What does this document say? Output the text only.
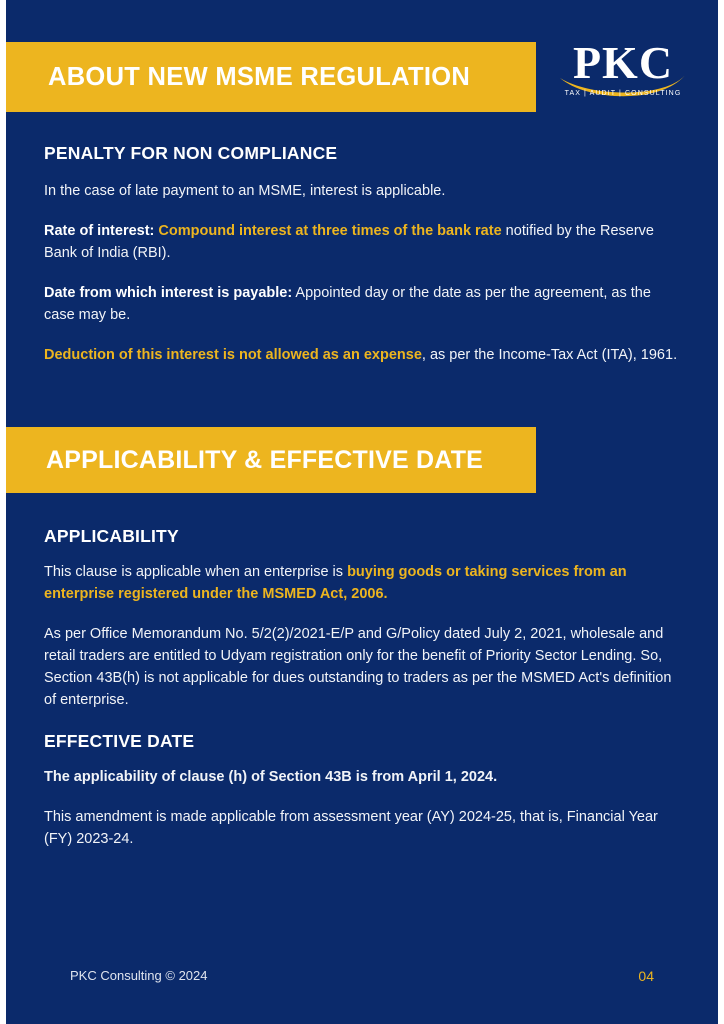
ABOUT NEW MSME REGULATION	PKC
TAX | AUDIT | CONSULTING
PENALTY FOR NON COMPLIANCE

In the case of late payment to an MSME, interest is applicable.

Rate of interest: Compound interest at three times of the bank rate notified by the Reserve Bank of India (RBI).

Date from which interest is payable: Appointed day or the date as per the agreement, as the case may be.

Deduction of this interest is not allowed as an expense, as per the Income-Tax Act (ITA), 1961.

APPLICABILITY & EFFECTIVE DATE
APPLICABILITY

This clause is applicable when an enterprise is buying goods or taking services from an enterprise registered under the MSMED Act, 2006.

As per Office Memorandum No. 5/2(2)/2021-E/P and G/Policy dated July 2, 2021, wholesale and retail traders are entitled to Udyam registration only for the benefit of Priority Sector Lending. So, Section 43B(h) is not applicable for dues outstanding to traders as per the MSMED Act's definition of enterprise.

EFFECTIVE DATE

The applicability of clause (h) of Section 43B is from April 1, 2024.

This amendment is made applicable from assessment year (AY) 2024-25, that is, Financial Year (FY) 2023-24.

PKC Consulting © 2024	04
